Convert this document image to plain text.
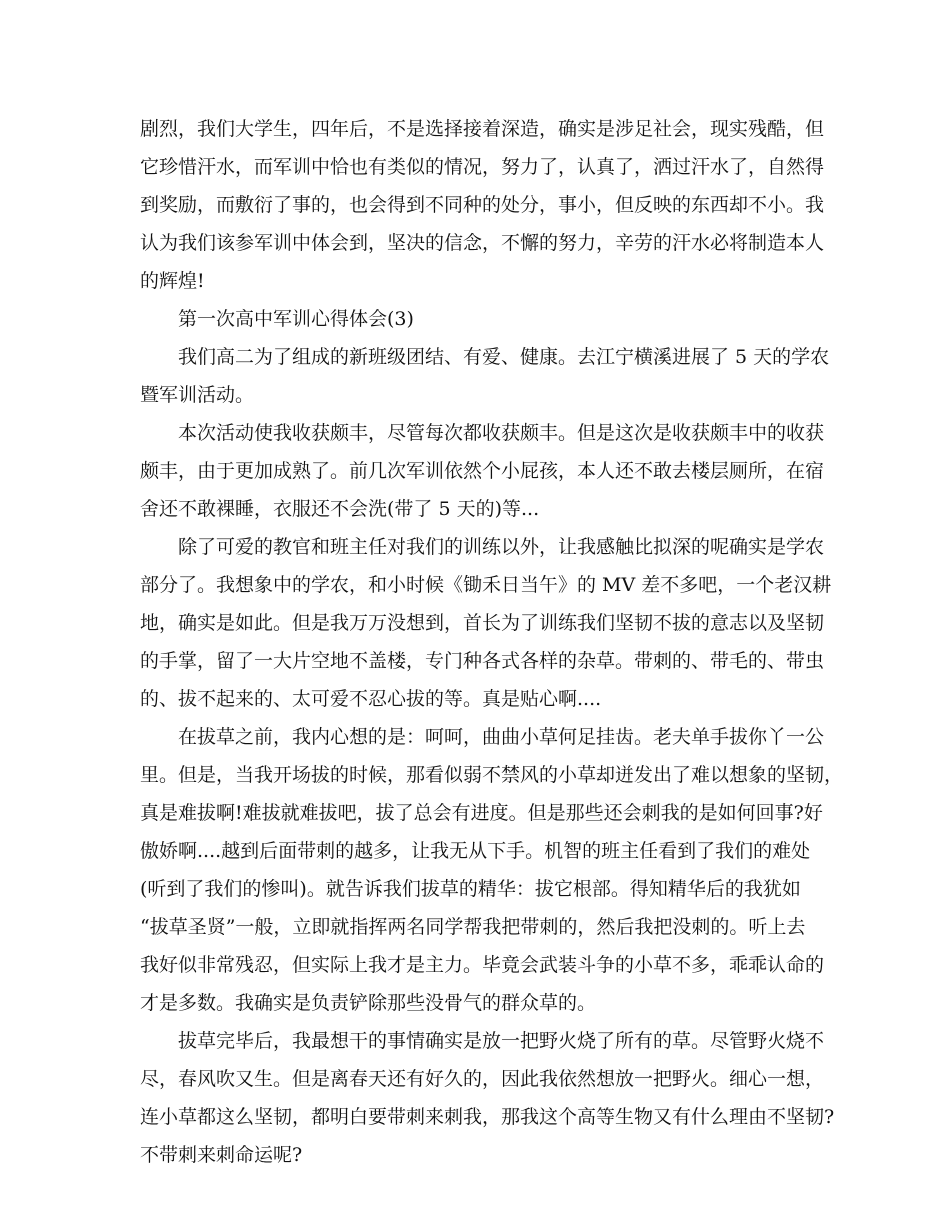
剧烈，我们大学生，四年后，不是选择接着深造，确实是涉足社会，现实残酷，但
它珍惜汗水，而军训中恰也有类似的情况，努力了，认真了，洒过汗水了，自然得
到奖励，而敷衍了事的，也会得到不同种的处分，事小，但反映的东西却不小。我
认为我们该参军训中体会到，坚决的信念，不懈的努力，辛劳的汗水必将制造本人
的辉煌!
第一次高中军训心得体会(3)
我们高二为了组成的新班级团结、有爱、健康。去江宁横溪进展了 5 天的学农
暨军训活动。
本次活动使我收获颇丰，尽管每次都收获颇丰。但是这次是收获颇丰中的收获
颇丰，由于更加成熟了。前几次军训依然个小屁孩，本人还不敢去楼层厕所，在宿
舍还不敢裸睡，衣服还不会洗(带了 5 天的)等...
除了可爱的教官和班主任对我们的训练以外，让我感触比拟深的呢确实是学农
部分了。我想象中的学农，和小时候《锄禾日当午》的 MV 差不多吧，一个老汉耕
地，确实是如此。但是我万万没想到，首长为了训练我们坚韧不拔的意志以及坚韧
的手掌，留了一大片空地不盖楼，专门种各式各样的杂草。带刺的、带毛的、带虫
的、拔不起来的、太可爱不忍心拔的等。真是贴心啊....
在拔草之前，我内心想的是：呵呵，曲曲小草何足挂齿。老夫单手拔你丫一公
里。但是，当我开场拔的时候，那看似弱不禁风的小草却迸发出了难以想象的坚韧，
真是难拔啊!难拔就难拔吧，拔了总会有进度。但是那些还会刺我的是如何回事?好
傲娇啊....越到后面带刺的越多，让我无从下手。机智的班主任看到了我们的难处
(听到了我们的惨叫)。就告诉我们拔草的精华：拔它根部。得知精华后的我犹如
“拔草圣贤”一般，立即就指挥两名同学帮我把带刺的，然后我把没刺的。听上去
我好似非常残忍，但实际上我才是主力。毕竟会武装斗争的小草不多，乖乖认命的
才是多数。我确实是负责铲除那些没骨气的群众草的。
拔草完毕后，我最想干的事情确实是放一把野火烧了所有的草。尽管野火烧不
尽，春风吹又生。但是离春天还有好久的，因此我依然想放一把野火。细心一想，
连小草都这么坚韧，都明白要带刺来刺我，那我这个高等生物又有什么理由不坚韧?
不带刺来刺命运呢?
